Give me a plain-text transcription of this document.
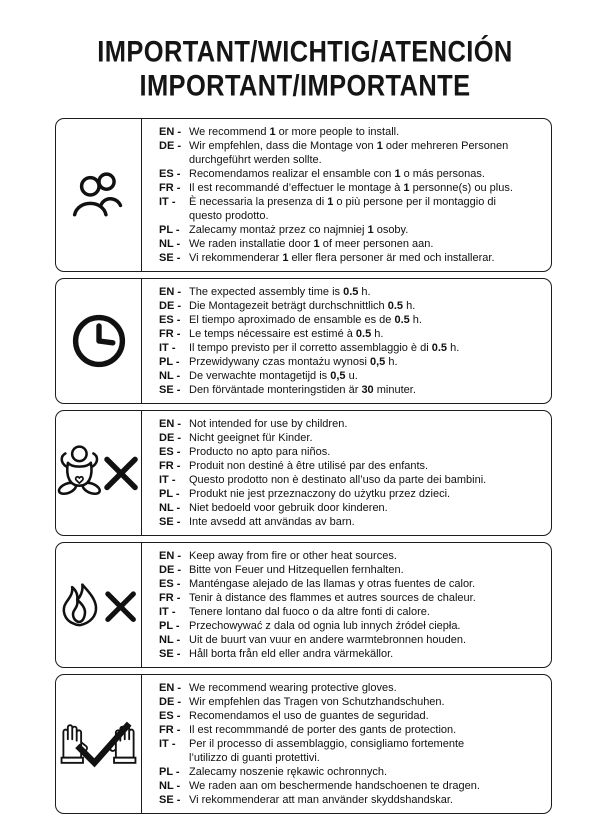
IMPORTANT/WICHTIG/ATENCIÓN
IMPORTANT/IMPORTANTE
EN - We recommend 1 or more people to install.
DE - Wir empfehlen, dass die Montage von 1 oder mehreren Personen
durchgeführt werden sollte.
ES - Recomendamos realizar el ensamble con 1 o más personas.
FR - Il est recommandé d’effectuer le montage à 1 personne(s) ou plus.
IT -	È necessaria la presenza di 1 o più persone per il montaggio di
questo prodotto.
PL - Zalecamy montaż przez co najmniej 1 osoby.
NL - We raden installatie door 1 of meer personen aan.
SE - Vi rekommenderar 1 eller flera personer är med och installerar.
EN - The expected assembly time is 0.5 h.
DE - Die Montagezeit beträgt durchschnittlich 0.5 h.
ES - El tiempo aproximado de ensamble es de 0.5 h.
FR - Le temps nécessaire est estimé à 0.5 h.
IT -	Il tempo previsto per il corretto assemblaggio è di 0.5 h.
PL - Przewidywany czas montażu wynosi 0,5 h.
NL - De verwachte montagetijd is 0,5 u.
SE - Den förväntade monteringstiden är 30 minuter.
EN - Not intended for use by children.
DE - Nicht geeignet für Kinder.
ES - Producto no apto para niños.
FR - Produit non destiné à être utilisé par des enfants.
IT -	Questo prodotto non è destinato all’uso da parte dei bambini.
PL - Produkt nie jest przeznaczony do użytku przez dzieci.
NL - Niet bedoeld voor gebruik door kinderen.
SE - Inte avsedd att användas av barn.
EN - Keep away from fire or other heat sources.
DE - Bitte von Feuer und Hitzequellen fernhalten.
ES - Manténgase alejado de las llamas y otras fuentes de calor.
FR - Tenir à distance des flammes et autres sources de chaleur.
IT -	Tenere lontano dal fuoco o da altre fonti di calore.
PL - Przechowywać z dala od ognia lub innych źródeł ciepła.
NL - Uit de buurt van vuur en andere warmtebronnen houden.
SE - Håll borta från eld eller andra värmekällor.
EN - We recommend wearing protective gloves.
DE - Wir empfehlen das Tragen von Schutzhandschuhen.
ES - Recomendamos el uso de guantes de seguridad.
FR - Il est recommmandé de porter des gants de protection.
IT -	Per il processo di assemblaggio, consigliamo fortemente
l’utilizzo di guanti protettivi.
PL - Zalecamy noszenie rękawic ochronnych.
NL - We raden aan om beschermende handschoenen te dragen.
SE - Vi rekommenderar att man använder skyddshandskar.
